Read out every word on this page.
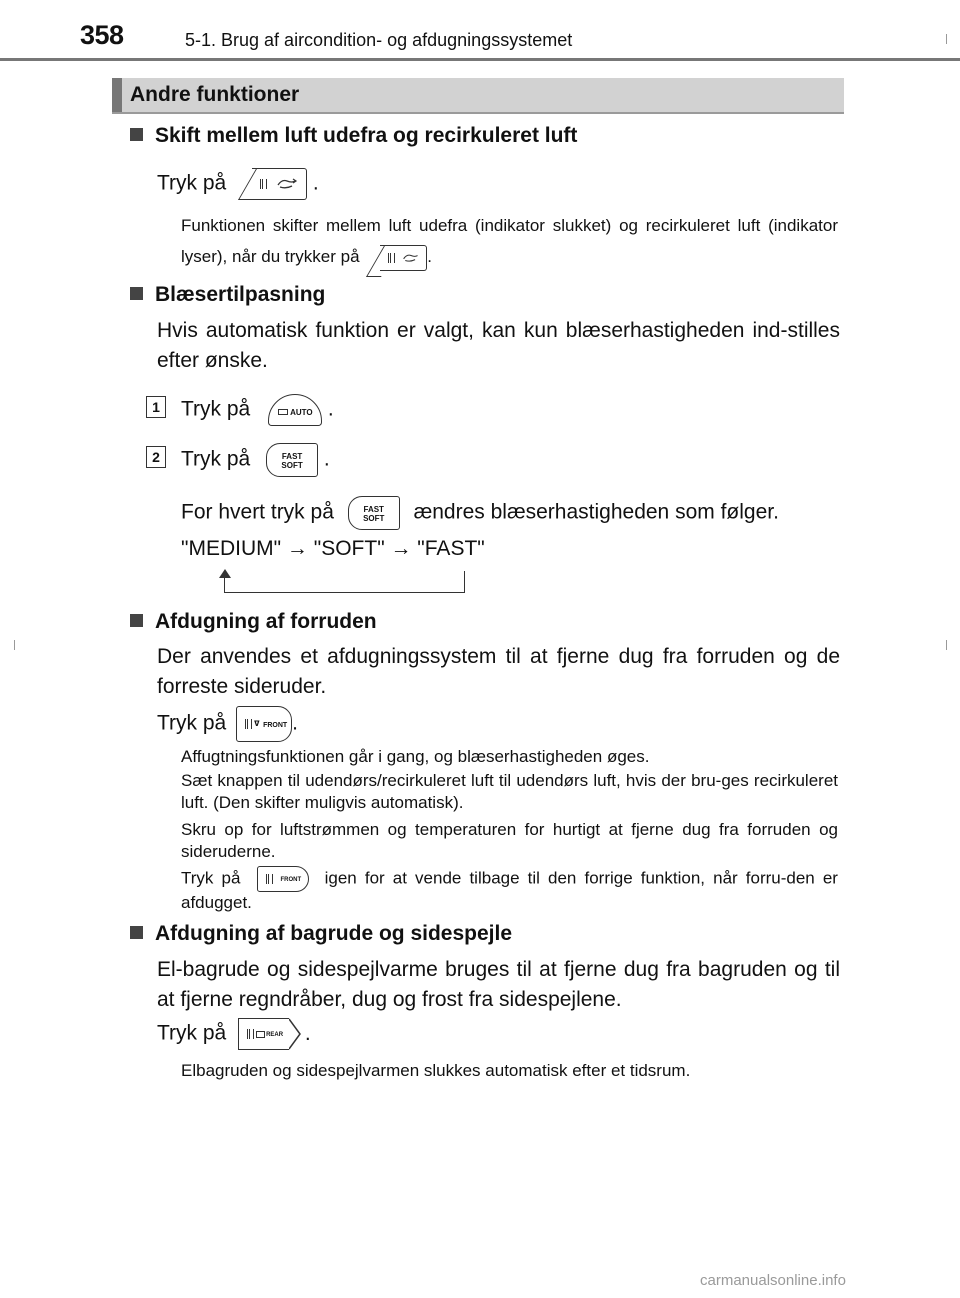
358	5-1. Brug af aircondition- og afdugningssystemet
Andre funktioner
Skift mellem luft udefra og recirkuleret luft
Tryk på	.
Funktionen skifter mellem luft udefra (indikator slukket) og recirkuleret luft (indikator lyser), når du trykker på	.
Blæsertilpasning
Hvis automatisk funktion er valgt, kan kun blæserhastigheden ind-stilles efter ønske.
1 Tryk på	AUTO .
2 Tryk på	FAST
SOFT .
For hvert tryk på	FAST
SOFT	ændres blæserhastigheden som følger.
"MEDIUM" → "SOFT" → "FAST"
Afdugning af forruden
Der anvendes et afdugningssystem til at fjerne dug fra forruden og de forreste sideruder.
Tryk på	ᐁ FRONT .
Affugtningsfunktionen går i gang, og blæserhastigheden øges.
Sæt knappen til udendørs/recirkuleret luft til udendørs luft, hvis der bru-ges recirkuleret luft. (Den skifter muligvis automatisk).
Skru op for luftstrømmen og temperaturen for hurtigt at fjerne dug fra forruden og sideruderne.
Tryk på	FRONT igen for at vende tilbage til den forrige funktion, når forru-den er afdugget.
Afdugning af bagrude og sidespejle
El-bagrude og sidespejlvarme bruges til at fjerne dug fra bagruden og til at fjerne regndråber, dug og frost fra sidespejlene.
Tryk på	REAR .
Elbagruden og sidespejlvarmen slukkes automatisk efter et tidsrum.
carmanualsonline.info
